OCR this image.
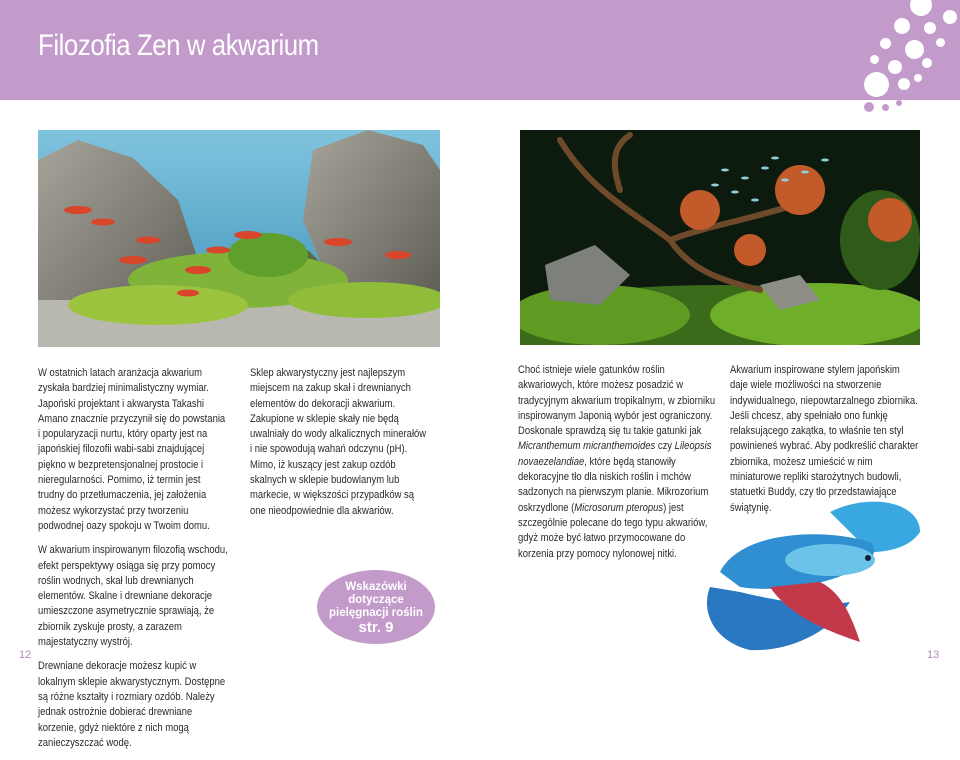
Filozofia Zen w akwarium

W ostatnich latach aranżacja akwarium zyskała bardziej minimalistyczny wymiar. Japoński projektant i akwarysta Takashi Amano znacznie przyczynił się do powstania i popularyzacji nurtu, który oparty jest na japońskiej filozofii wabi-sabi znajdującej piękno w bezpretensjonalnej prostocie i nieregularności. Pomimo, iż termin jest trudny do przetłumaczenia, jej założenia możesz wykorzystać przy tworzeniu podwodnej oazy spokoju w Twoim domu.

W akwarium inspirowanym filozofią wschodu, efekt perspektywy osiąga się przy pomocy roślin wodnych, skał lub drewnianych elementów. Skalne i drewniane dekoracje umieszczone asymetrycznie sprawiają, że zbiornik zyskuje prosty, a zarazem majestatyczny wystrój.

Drewniane dekoracje możesz kupić w lokalnym sklepie akwarystycznym. Dostępne są różne kształty i rozmiary ozdób. Należy jednak ostrożnie dobierać drewniane korzenie, gdyż niektóre z nich mogą zanieczyszczać wodę.

Sklep akwarystyczny jest najlepszym miejscem na zakup skał i drewnianych elementów do dekoracji akwarium. Zakupione w sklepie skały nie będą uwalniały do wody alkalicznych minerałów i nie spowodują wahań odczynu (pH). Mimo, iż kuszący jest zakup ozdób skalnych w sklepie budowlanym lub markecie, w większości przypadków są one nieodpowiednie dla akwariów.

Choć istnieje wiele gatunków roślin akwariowych, które możesz posadzić w tradycyjnym akwarium tropikalnym, w zbiorniku inspirowanym Japonią wybór jest ograniczony. Doskonale sprawdzą się tu takie gatunki jak Micranthemum micranthemoides czy Lileopsis novaezelandiae, które będą stanowiły dekoracyjne tło dla niskich roślin i mchów sadzonych na pierwszym planie. Mikrozorium oskrzydlone (Microsorum pteropus) jest szczególnie polecane do tego typu akwariów, gdyż może być łatwo przymocowane do korzenia przy pomocy nylonowej nitki.

Akwarium inspirowane stylem japońskim daje wiele możliwości na stworzenie indywidualnego, niepowtarzalnego zbiornika.

Jeśli chcesz, aby spełniało ono funkję relaksującego zakątka, to właśnie ten styl powinieneś wybrać. Aby podkreślić charakter zbiornika, możesz umieścić w nim miniaturowe repliki starożytnych budowli, statuetki Buddy, czy tło przedstawiające świątynię.

Wskazówki dotyczące pielęgnacji roślin
str. 9
12	13
